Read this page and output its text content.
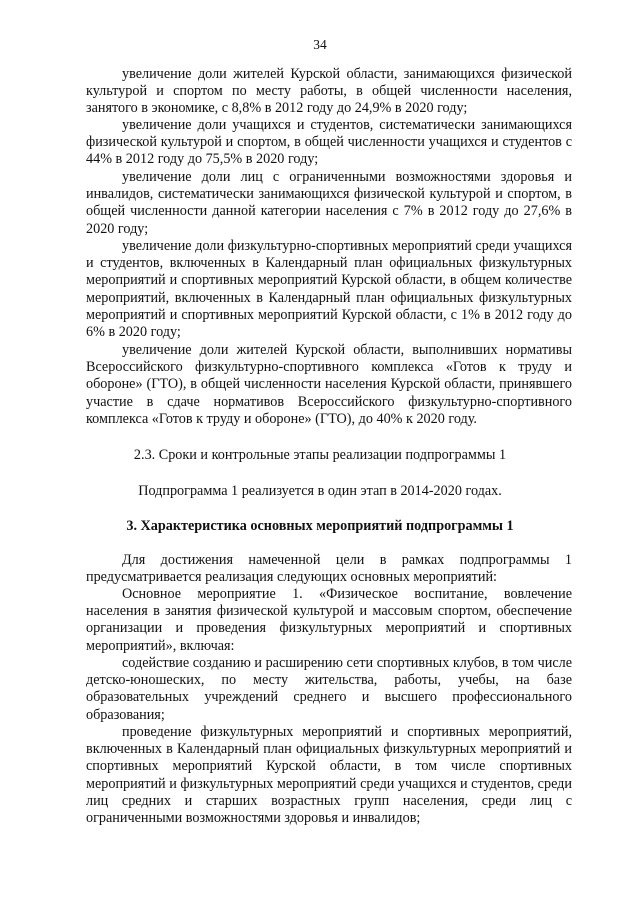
34

увеличение доли жителей Курской области, занимающихся физической культурой и спортом по месту работы, в общей численности населения, занятого в экономике, с 8,8% в 2012 году до 24,9% в 2020 году;

увеличение доли учащихся и студентов, систематически занимающихся физической культурой и спортом, в общей численности учащихся и студентов с 44% в 2012 году до 75,5% в 2020 году;

увеличение доли лиц с ограниченными возможностями здоровья и инвалидов, систематически занимающихся физической культурой и спортом, в общей численности данной категории населения с 7% в 2012 году до 27,6% в 2020 году;

увеличение доли физкультурно-спортивных мероприятий среди учащихся и студентов, включенных в Календарный план официальных физкультурных мероприятий и спортивных мероприятий Курской области, в общем количестве мероприятий, включенных в Календарный план официальных физкультурных мероприятий и спортивных мероприятий Курской области, с 1% в 2012 году до 6% в 2020 году;

увеличение доли жителей Курской области, выполнивших нормативы Всероссийского физкультурно-спортивного комплекса «Готов к труду и обороне» (ГТО), в общей численности населения Курской области, принявшего участие в сдаче нормативов Всероссийского физкультурно-спортивного комплекса «Готов к труду и обороне» (ГТО), до 40% к 2020 году.

2.3. Сроки и контрольные этапы реализации подпрограммы 1

Подпрограмма 1 реализуется в один этап в 2014-2020 годах.

3. Характеристика основных мероприятий подпрограммы 1

Для достижения намеченной цели в рамках подпрограммы 1 предусматривается реализация следующих основных мероприятий:

Основное мероприятие 1. «Физическое воспитание, вовлечение населения в занятия физической культурой и массовым спортом, обеспечение организации и проведения физкультурных мероприятий и спортивных мероприятий», включая:

содействие созданию и расширению сети спортивных клубов, в том числе детско-юношеских, по месту жительства, работы, учебы, на базе образовательных учреждений среднего и высшего профессионального образования;

проведение физкультурных мероприятий и спортивных мероприятий, включенных в Календарный план официальных физкультурных мероприятий и спортивных мероприятий Курской области, в том числе спортивных мероприятий и физкультурных мероприятий среди учащихся и студентов, среди лиц средних и старших возрастных групп населения, среди лиц с ограниченными возможностями здоровья и инвалидов;
